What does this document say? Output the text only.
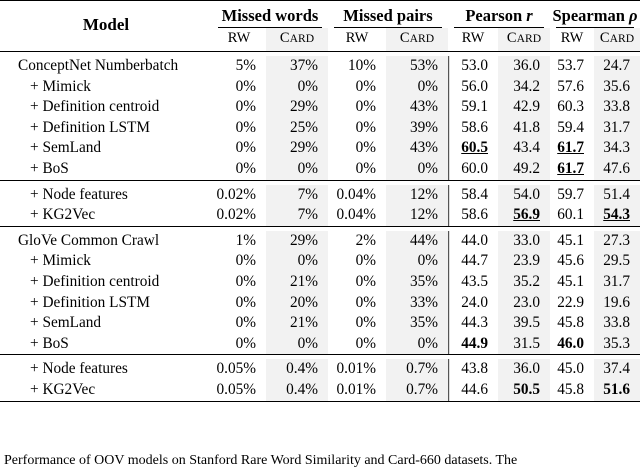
Model	Missed words		Missed pairs		Pearson r		Spearman ρ	

	RW	CARD	RW	CARD	RW	CARD	RW	CARD

ConceptNet Numberbatch	5%	37%	10%	53%	53.0	36.0	53.7	24.7
+ Mimick	0%	0%	0%	0%	56.0	34.2	57.6	35.6
+ Definition centroid	0%	29%	0%	43%	59.1	42.9	60.3	33.8
+ Definition LSTM	0%	25%	0%	39%	58.6	41.8	59.4	31.7
+ SemLand	0%	29%	0%	43%	60.5	43.4	61.7	34.3
+ BoS	0%	0%	0%	0%	60.0	49.2	61.7	47.6

+ Node features	0.02%	7%	0.04%	12%	58.4	54.0	59.7	51.4
+ KG2Vec	0.02%	7%	0.04%	12%	58.6	56.9	60.1	54.3

GloVe Common Crawl	1%	29%	2%	44%	44.0	33.0	45.1	27.3
+ Mimick	0%	0%	0%	0%	44.7	23.9	45.6	29.5
+ Definition centroid	0%	21%	0%	35%	43.5	35.2	45.1	31.7
+ Definition LSTM	0%	20%	0%	33%	24.0	23.0	22.9	19.6
+ SemLand	0%	21%	0%	35%	44.3	39.5	45.8	33.8
+ BoS	0%	0%	0%	0%	44.9	31.5	46.0	35.3

+ Node features	0.05%	0.4%	0.01%	0.7%	43.8	36.0	45.0	37.4
+ KG2Vec	0.05%	0.4%	0.01%	0.7%	44.6	50.5	45.8	51.6

Performance of OOV models on Stanford Rare Word Similarity and Card-660 datasets. The
